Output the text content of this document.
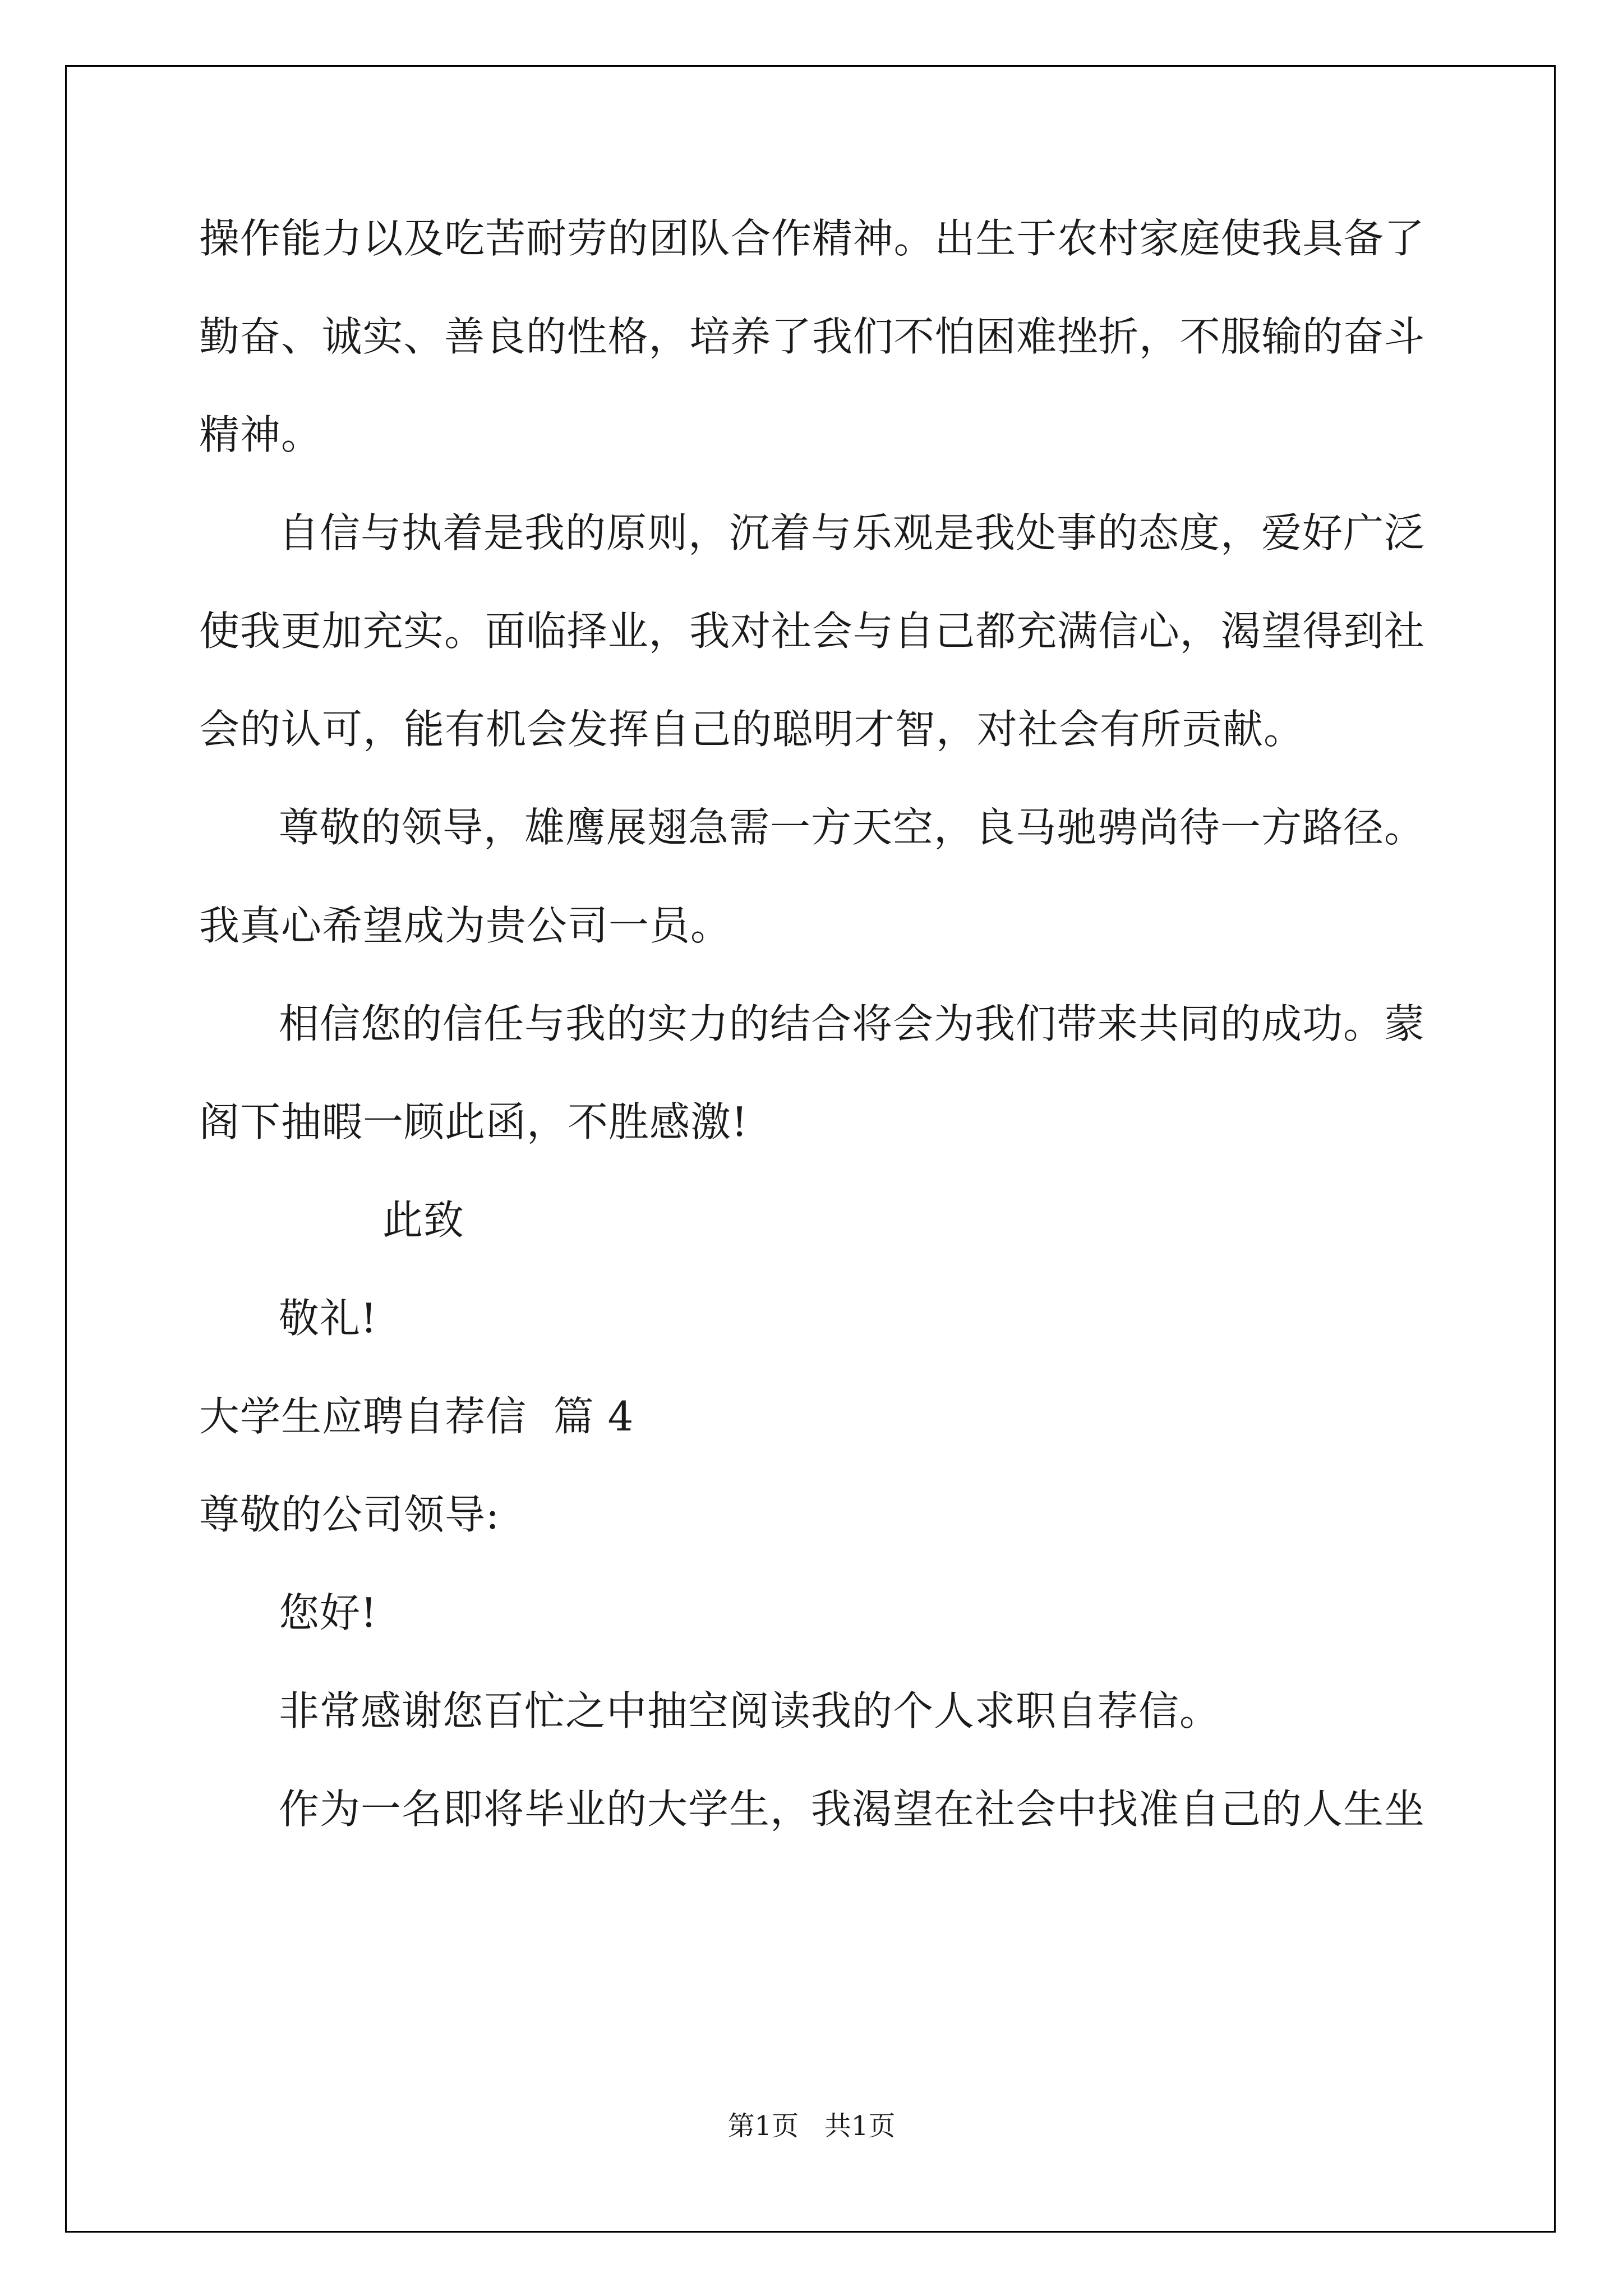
操作能力以及吃苦耐劳的团队合作精神。出生于农村家庭使我具备了
勤奋、诚实、善良的性格，培养了我们不怕困难挫折，不服输的奋斗
精神。
自信与执着是我的原则，沉着与乐观是我处事的态度，爱好广泛
使我更加充实。面临择业，我对社会与自己都充满信心，渴望得到社
会的认可，能有机会发挥自己的聪明才智，对社会有所贡献。
尊敬的领导，雄鹰展翅急需一方天空，良马驰骋尚待一方路径。
我真心希望成为贵公司一员。
相信您的信任与我的实力的结合将会为我们带来共同的成功。蒙
阁下抽暇一顾此函，不胜感激!
此致
敬礼!
大学生应聘自荐信  篇 4
尊敬的公司领导:
您好!
非常感谢您百忙之中抽空阅读我的个人求职自荐信。
作为一名即将毕业的大学生，我渴望在社会中找准自己的人生坐
第1页   共1页
